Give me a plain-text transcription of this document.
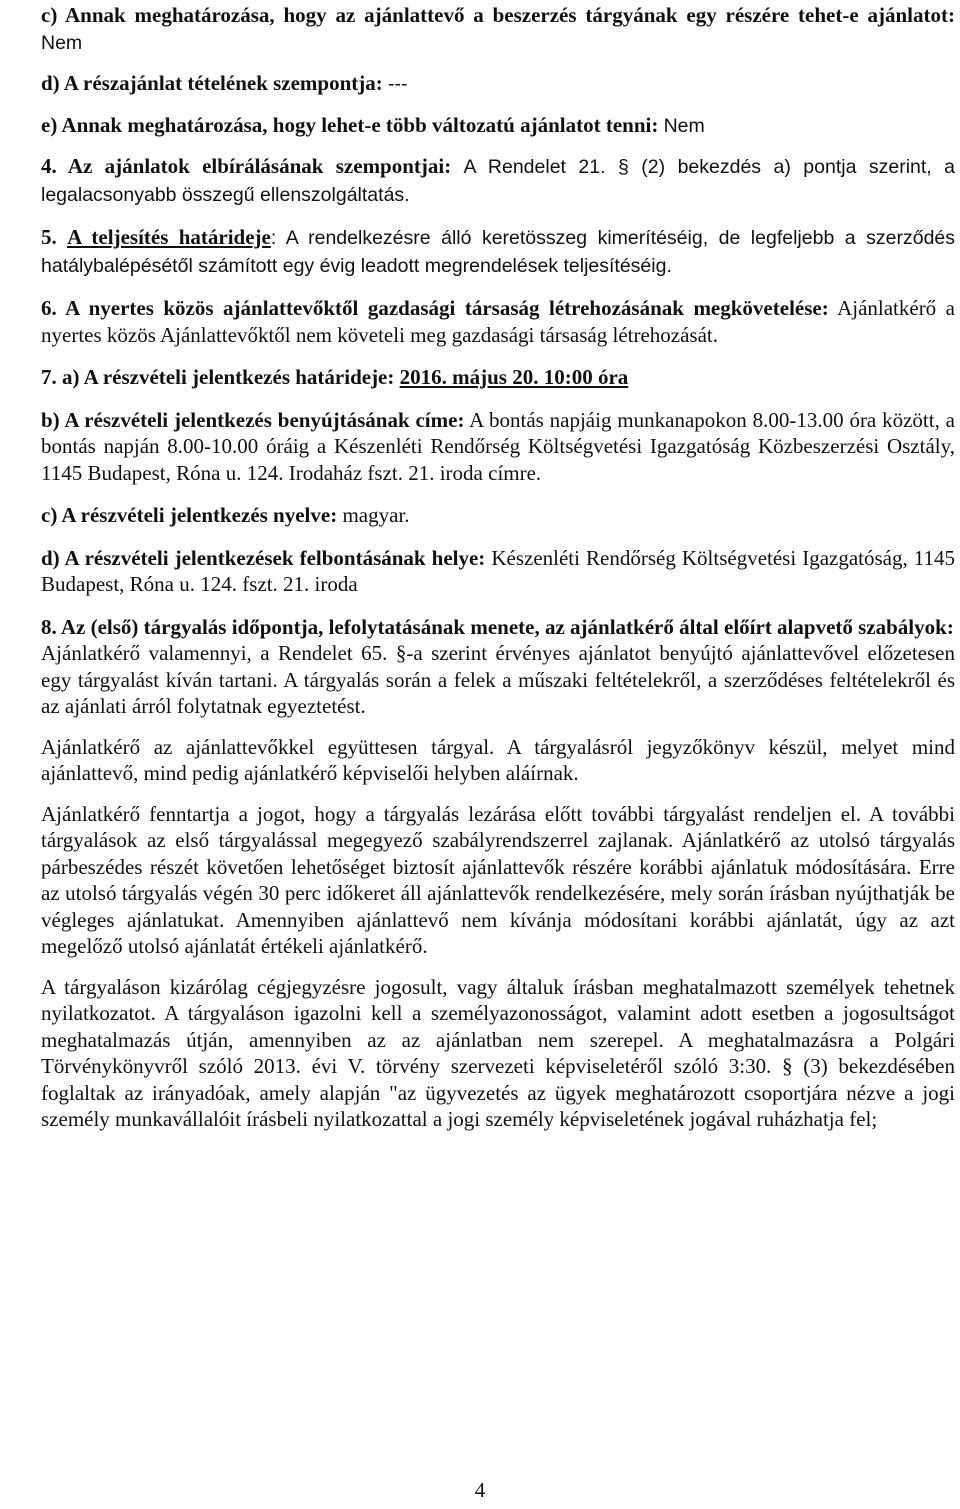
c) Annak meghatározása, hogy az ajánlattevő a beszerzés tárgyának egy részére tehet-e ajánlatot: Nem

d) A részajánlat tételének szempontja: ---

e) Annak meghatározása, hogy lehet-e több változatú ajánlatot tenni: Nem

4. Az ajánlatok elbírálásának szempontjai: A Rendelet 21. § (2) bekezdés a) pontja szerint, a legalacsonyabb összegű ellenszolgáltatás.

5. A teljesítés határideje: A rendelkezésre álló keretösszeg kimerítéséig, de legfeljebb a szerződés hatálybalépésétől számított egy évig leadott megrendelések teljesítéséig.

6. A nyertes közös ajánlattevőktől gazdasági társaság létrehozásának megkövetelése: Ajánlatkérő a nyertes közös Ajánlattevőktől nem követeli meg gazdasági társaság létrehozását.

7. a) A részvételi jelentkezés határideje: 2016. május 20. 10:00 óra

b) A részvételi jelentkezés benyújtásának címe: A bontás napjáig munkanapokon 8.00-13.00 óra között, a bontás napján 8.00-10.00 óráig a Készenléti Rendőrség Költségvetési Igazgatóság Közbeszerzési Osztály, 1145 Budapest, Róna u. 124. Irodaház fszt. 21. iroda címre.

c) A részvételi jelentkezés nyelve: magyar.

d) A részvételi jelentkezések felbontásának helye: Készenléti Rendőrség Költségvetési Igazgatóság, 1145 Budapest, Róna u. 124. fszt. 21. iroda

8. Az (első) tárgyalás időpontja, lefolytatásának menete, az ajánlatkérő által előírt alapvető szabályok:

Ajánlatkérő valamennyi, a Rendelet 65. §-a szerint érvényes ajánlatot benyújtó ajánlattevővel előzetesen egy tárgyalást kíván tartani. A tárgyalás során a felek a műszaki feltételekről, a szerződéses feltételekről és az ajánlati árról folytatnak egyeztetést.

Ajánlatkérő az ajánlattevőkkel együttesen tárgyal. A tárgyalásról jegyzőkönyv készül, melyet mind ajánlattevő, mind pedig ajánlatkérő képviselői helyben aláírnak.

Ajánlatkérő fenntartja a jogot, hogy a tárgyalás lezárása előtt további tárgyalást rendeljen el. A további tárgyalások az első tárgyalással megegyező szabályrendszerrel zajlanak. Ajánlatkérő az utolsó tárgyalás párbeszédes részét követően lehetőséget biztosít ajánlattevők részére korábbi ajánlatuk módosítására. Erre az utolsó tárgyalás végén 30 perc időkeret áll ajánlattevők rendelkezésére, mely során írásban nyújthatják be végleges ajánlatukat. Amennyiben ajánlattevő nem kívánja módosítani korábbi ajánlatát, úgy az azt megelőző utolsó ajánlatát értékeli ajánlatkérő.

A tárgyaláson kizárólag cégjegyzésre jogosult, vagy általuk írásban meghatalmazott személyek tehetnek nyilatkozatot. A tárgyaláson igazolni kell a személyazonosságot, valamint adott esetben a jogosultságot meghatalmazás útján, amennyiben az az ajánlatban nem szerepel. A meghatalmazásra a Polgári Törvénykönyvről szóló 2013. évi V. törvény szervezeti képviseletéről szóló 3:30. § (3) bekezdésében foglaltak az irányadóak, amely alapján "az ügyvezetés az ügyek meghatározott csoportjára nézve a jogi személy munkavállalóit írásbeli nyilatkozattal a jogi személy képviseletének jogával ruházhatja fel;

4
